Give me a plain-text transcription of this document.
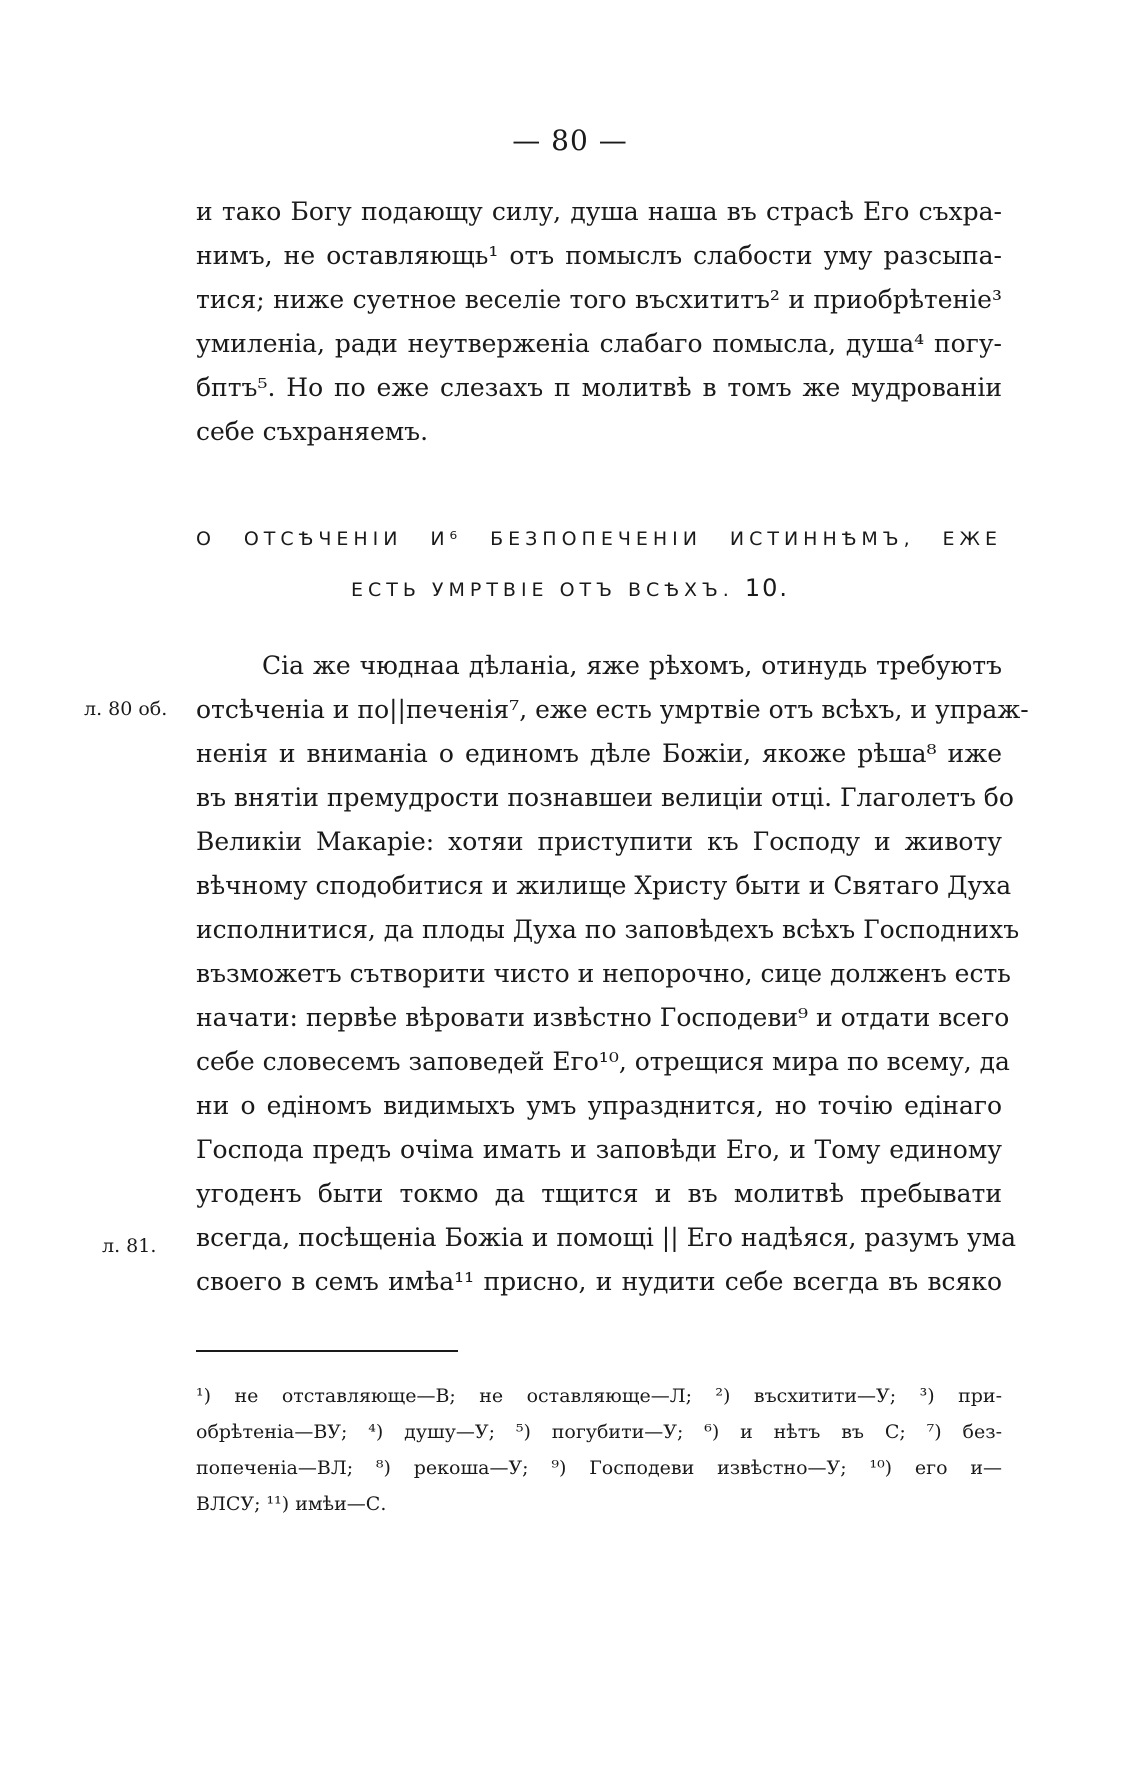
— 80 —
и тако Богу подающу силу, душа наша въ страсѣ Его съхра-
нимъ, не оставляющь¹ отъ помыслъ слабости уму разсыпа-
тися; ниже суетное веселіе того въсхититъ² и приобрѣтеніе³
умиленіа, ради неутверженіа слабаго помысла, душа⁴ погу-
бптъ⁵. Но по еже слезахъ п молитвѣ в томъ же мудрованіи
себе съхраняемъ.
О ОТСѢЧЕНІИ И⁶ БЕЗПОПЕЧЕНІИ ИСТИННѢМЪ, ЕЖЕ
ЕСТЬ УМРТВІЕ ОТЪ ВСѢХЪ. 10.
Сіа же чюднаа дѣланіа, яже рѣхомъ, отинудь требуютъ
отсѣченіа и по||печенія⁷, еже есть умртвіе отъ всѣхъ, и упраж-
ненія и вниманіа о единомъ дѣле Божіи, якоже рѣша⁸ иже
въ внятіи премудрости познавшеи велиціи отці. Глаголетъ бо
Великіи Макаріе: хотяи приступити къ Господу и животу
вѣчному сподобитися и жилище Христу быти и Святаго Духа
исполнитися, да плоды Духа по заповѣдехъ всѣхъ Господнихъ
възможетъ сътворити чисто и непорочно, сице долженъ есть
начати: первѣе вѣровати извѣстно Господеви⁹ и отдати всего
себе словесемъ заповедей Его¹⁰, отрещися мира по всему, да
ни о едіномъ видимыхъ умъ упразднится, но точію едінаго
Господа предъ очіма имать и заповѣди Его, и Тому единому
угоденъ быти токмо да тщится и въ молитвѣ пребывати
всегда, посѣщеніа Божіа и помощі || Его надѣяся, разумъ ума
своего в семъ имѣа¹¹ присно, и нудити себе всегда въ всяко
л. 80 об.
л. 81.
¹) не отставляюще—В; не оставляюще—Л; ²) въсхитити—У; ³) при-
обрѣтеніа—ВУ; ⁴) душу—У; ⁵) погубити—У; ⁶) и нѣтъ въ С; ⁷) без-
попеченіа—ВЛ; ⁸) рекоша—У; ⁹) Господеви извѣстно—У; ¹⁰) его и—
ВЛСУ; ¹¹) имѣи—С.
